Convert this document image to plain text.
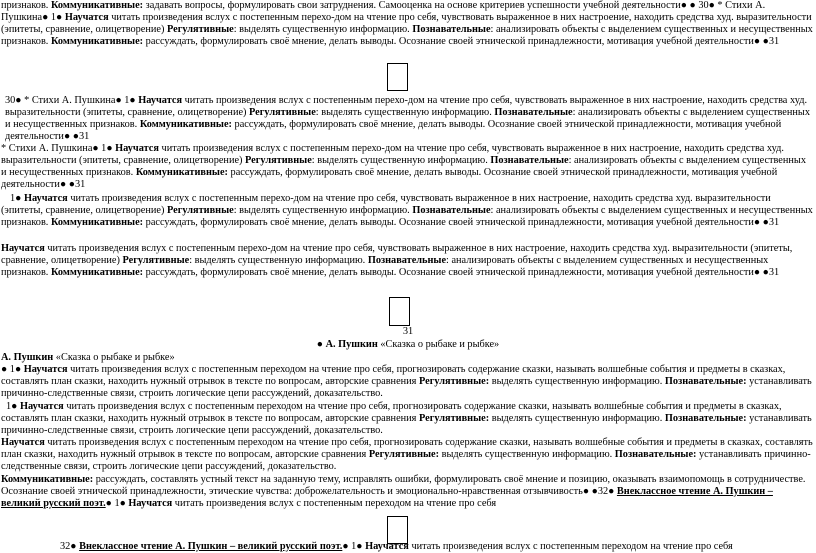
признаков. Коммуникативные: задавать вопросы, формулировать свои затруднения. Самооценка на основе критериев успешности учебной деятельности● ● 30● * Стихи А. Пушкина● 1● Научатся читать произведения вслух с постепенным перехо-дом на чтение про себя, чувствовать выраженное в них настроение, находить средства худ. выразительности (эпитеты, сравнение, олицетворение) Регулятивные: выделять существенную информацию. Познавательные: анализировать объекты с выделением существенных и несущественных признаков. Коммуникативные: рассуждать, формулировать своё мнение, делать выводы. Осознание своей этнической принадлежности, мотивация учебной деятельности● ●31
30● * Стихи А. Пушкина● 1● Научатся читать произведения вслух с постепенным перехо-дом на чтение про себя, чувствовать выраженное в них настроение, находить средства худ. выразительности (эпитеты, сравнение, олицетворение) Регулятивные: выделять существенную информацию. Познавательные: анализировать объекты с выделением существенных и несущественных признаков. Коммуникативные: рассуждать, формулировать своё мнение, делать выводы. Осознание своей этнической принадлежности, мотивация учебной деятельности● ●31
* Стихи А. Пушкина● 1● Научатся читать произведения вслух с постепенным перехо-дом на чтение про себя, чувствовать выраженное в них настроение, находить средства худ. выразительности (эпитеты, сравнение, олицетворение) Регулятивные: выделять существенную информацию. Познавательные: анализировать объекты с выделением существенных и несущественных признаков. Коммуникативные: рассуждать, формулировать своё мнение, делать выводы. Осознание своей этнической принадлежности, мотивация учебной деятельности● ●31
1● Научатся читать произведения вслух с постепенным перехо-дом на чтение про себя, чувствовать выраженное в них настроение, находить средства худ. выразительности (эпитеты, сравнение, олицетворение) Регулятивные: выделять существенную информацию. Познавательные: анализировать объекты с выделением существенных и несущественных признаков. Коммуникативные: рассуждать, формулировать своё мнение, делать выводы. Осознание своей этнической принадлежности, мотивация учебной деятельности● ●31
Научатся читать произведения вслух с постепенным перехо-дом на чтение про себя, чувствовать выраженное в них настроение, находить средства худ. выразительности (эпитеты, сравнение, олицетворение) Регулятивные: выделять существенную информацию. Познавательные: анализировать объекты с выделением существенных и несущественных признаков. Коммуникативные: рассуждать, формулировать своё мнение, делать выводы. Осознание своей этнической принадлежности, мотивация учебной деятельности● ●31
31
● А. Пушкин «Сказка о рыбаке и рыбке»
А. Пушкин «Сказка о рыбаке и рыбке»
● 1● Научатся читать произведения вслух с постепенным переходом на чтение про себя, прогнозировать содержание сказки, называть волшебные события и предметы в сказках, составлять план сказки, находить нужный отрывок в тексте по вопросам, авторские сравнения Регулятивные: выделять существенную информацию. Познавательные: устанавливать причинно-следственные связи, строить логические цепи рассуждений, доказательство.
1● Научатся читать произведения вслух с постепенным переходом на чтение про себя, прогнозировать содержание сказки, называть волшебные события и предметы в сказках, составлять план сказки, находить нужный отрывок в тексте по вопросам, авторские сравнения Регулятивные: выделять существенную информацию. Познавательные: устанавливать причинно-следственные связи, строить логические цепи рассуждений, доказательство.
Научатся читать произведения вслух с постепенным переходом на чтение про себя, прогнозировать содержание сказки, называть волшебные события и предметы в сказках, составлять план сказки, находить нужный отрывок в тексте по вопросам, авторские сравнения Регулятивные: выделять существенную информацию. Познавательные: устанавливать причинно-следственные связи, строить логические цепи рассуждений, доказательство.
Коммуникативные: рассуждать, составлять устный текст на заданную тему, исправлять ошибки, формулировать своё мнение и позицию, оказывать взаимопомощь в сотрудничестве. Осознание своей этнической принадлежности, этические чувства: доброжелательность и эмоционально-нравственная отзывчивость● ●32● Внеклассное чтение А. Пушкин – великий русский поэт.● 1● Научатся читать произведения вслух с постепенным переходом на чтение про себя
32● Внеклассное чтение А. Пушкин – великий русский поэт.● 1● Научатся читать произведения вслух с постепенным переходом на чтение про себя
